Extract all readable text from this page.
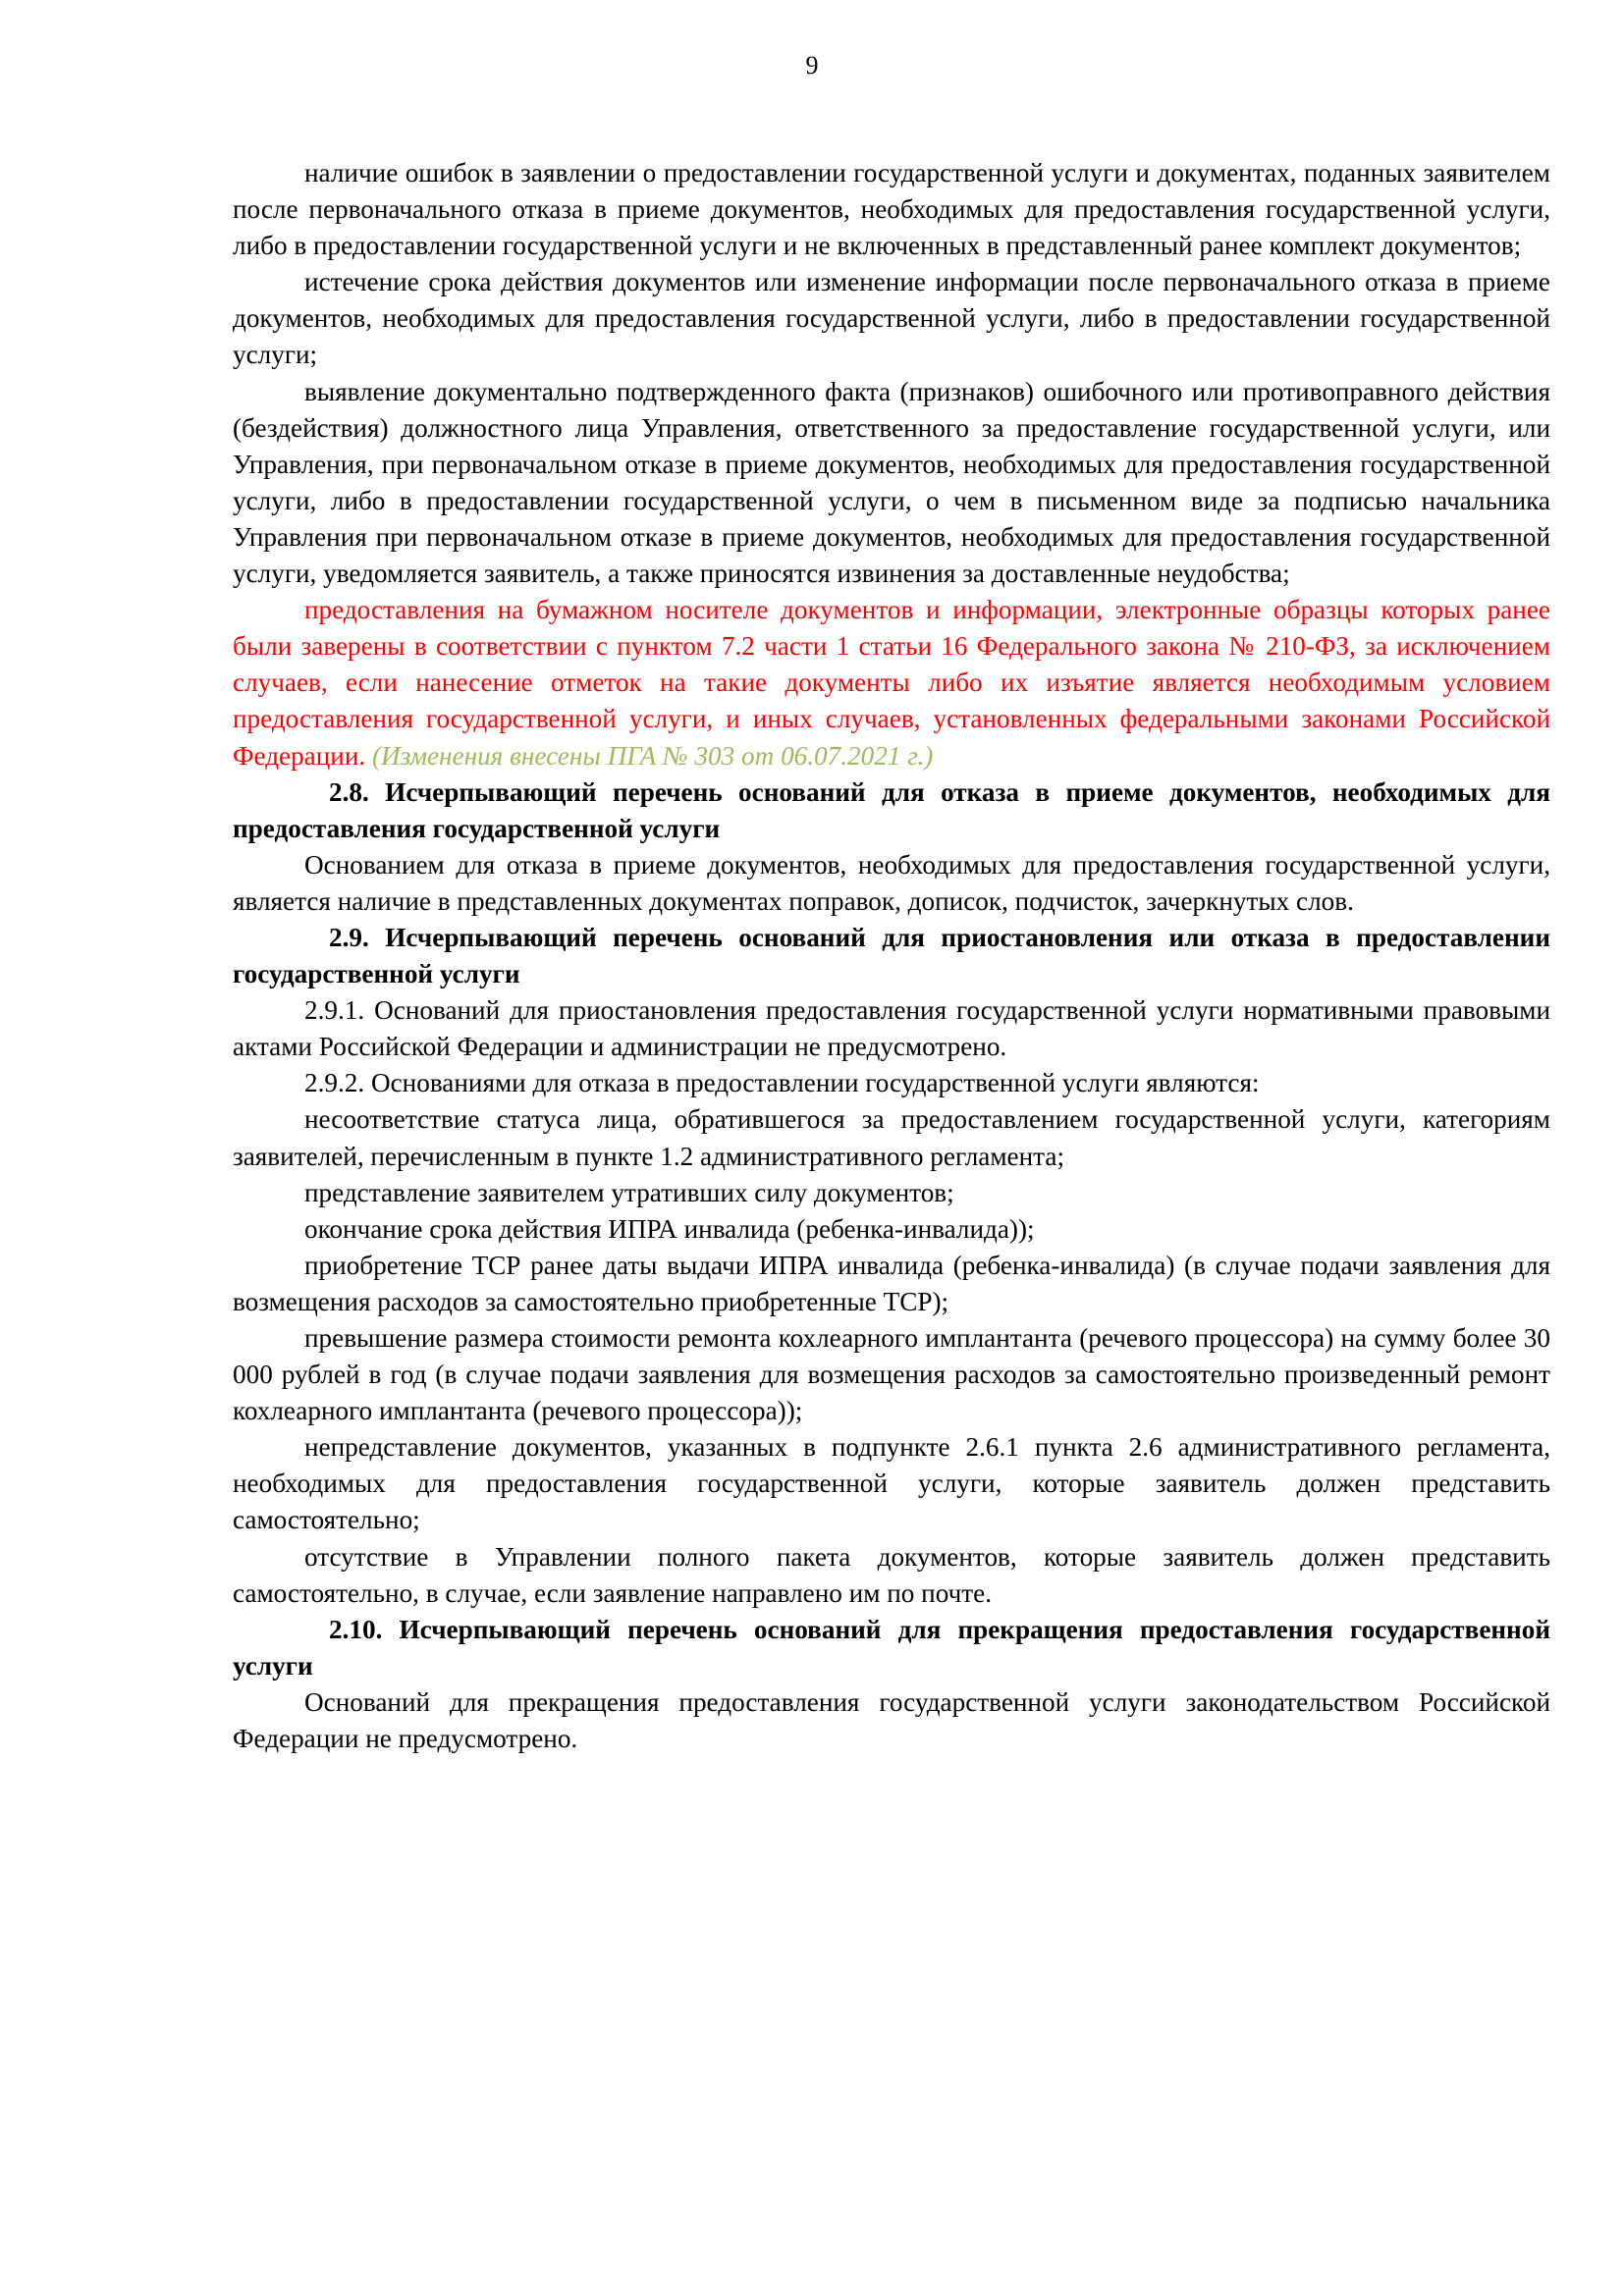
9

наличие ошибок в заявлении о предоставлении государственной услуги и документах, поданных заявителем после первоначального отказа в приеме документов, необходимых для предоставления государственной услуги, либо в предоставлении государственной услуги и не включенных в представленный ранее комплект документов;

истечение срока действия документов или изменение информации после первоначального отказа в приеме документов, необходимых для предоставления государственной услуги, либо в предоставлении государственной услуги;

выявление документально подтвержденного факта (признаков) ошибочного или противоправного действия (бездействия) должностного лица Управления, ответственного за предоставление государственной услуги, или Управления, при первоначальном отказе в приеме документов, необходимых для предоставления государственной услуги, либо в предоставлении государственной услуги, о чем в письменном виде за подписью начальника Управления при первоначальном отказе в приеме документов, необходимых для предоставления государственной услуги, уведомляется заявитель, а также приносятся извинения за доставленные неудобства;

предоставления на бумажном носителе документов и информации, электронные образцы которых ранее были заверены в соответствии с пунктом 7.2 части 1 статьи 16 Федерального закона № 210-ФЗ, за исключением случаев, если нанесение отметок на такие документы либо их изъятие является необходимым условием предоставления государственной услуги, и иных случаев, установленных федеральными законами Российской Федерации. (Изменения внесены ПГА № 303 от 06.07.2021 г.)

2.8. Исчерпывающий перечень оснований для отказа в приеме документов, необходимых для предоставления государственной услуги

Основанием для отказа в приеме документов, необходимых для предоставления государственной услуги, является наличие в представленных документах поправок, дописок, подчисток, зачеркнутых слов.

2.9. Исчерпывающий перечень оснований для приостановления или отказа в предоставлении государственной услуги

2.9.1. Оснований для приостановления предоставления государственной услуги нормативными правовыми актами Российской Федерации и администрации не предусмотрено.

2.9.2. Основаниями для отказа в предоставлении государственной услуги являются:

несоответствие статуса лица, обратившегося за предоставлением государственной услуги, категориям заявителей, перечисленным в пункте 1.2 административного регламента;

представление заявителем утративших силу документов;

окончание срока действия ИПРА инвалида (ребенка-инвалида));

приобретение ТСР ранее даты выдачи ИПРА инвалида (ребенка-инвалида) (в случае подачи заявления для возмещения расходов за самостоятельно приобретенные ТСР);

превышение размера стоимости ремонта кохлеарного имплантанта (речевого процессора) на сумму более 30 000 рублей в год (в случае подачи заявления для возмещения расходов за самостоятельно произведенный ремонт кохлеарного имплантанта (речевого процессора));

непредставление документов, указанных в подпункте 2.6.1 пункта 2.6 административного регламента, необходимых для предоставления государственной услуги, которые заявитель должен представить самостоятельно;

отсутствие в Управлении полного пакета документов, которые заявитель должен представить самостоятельно, в случае, если заявление направлено им по почте.

2.10. Исчерпывающий перечень оснований для прекращения предоставления государственной услуги

Оснований для прекращения предоставления государственной услуги законодательством Российской Федерации не предусмотрено.
